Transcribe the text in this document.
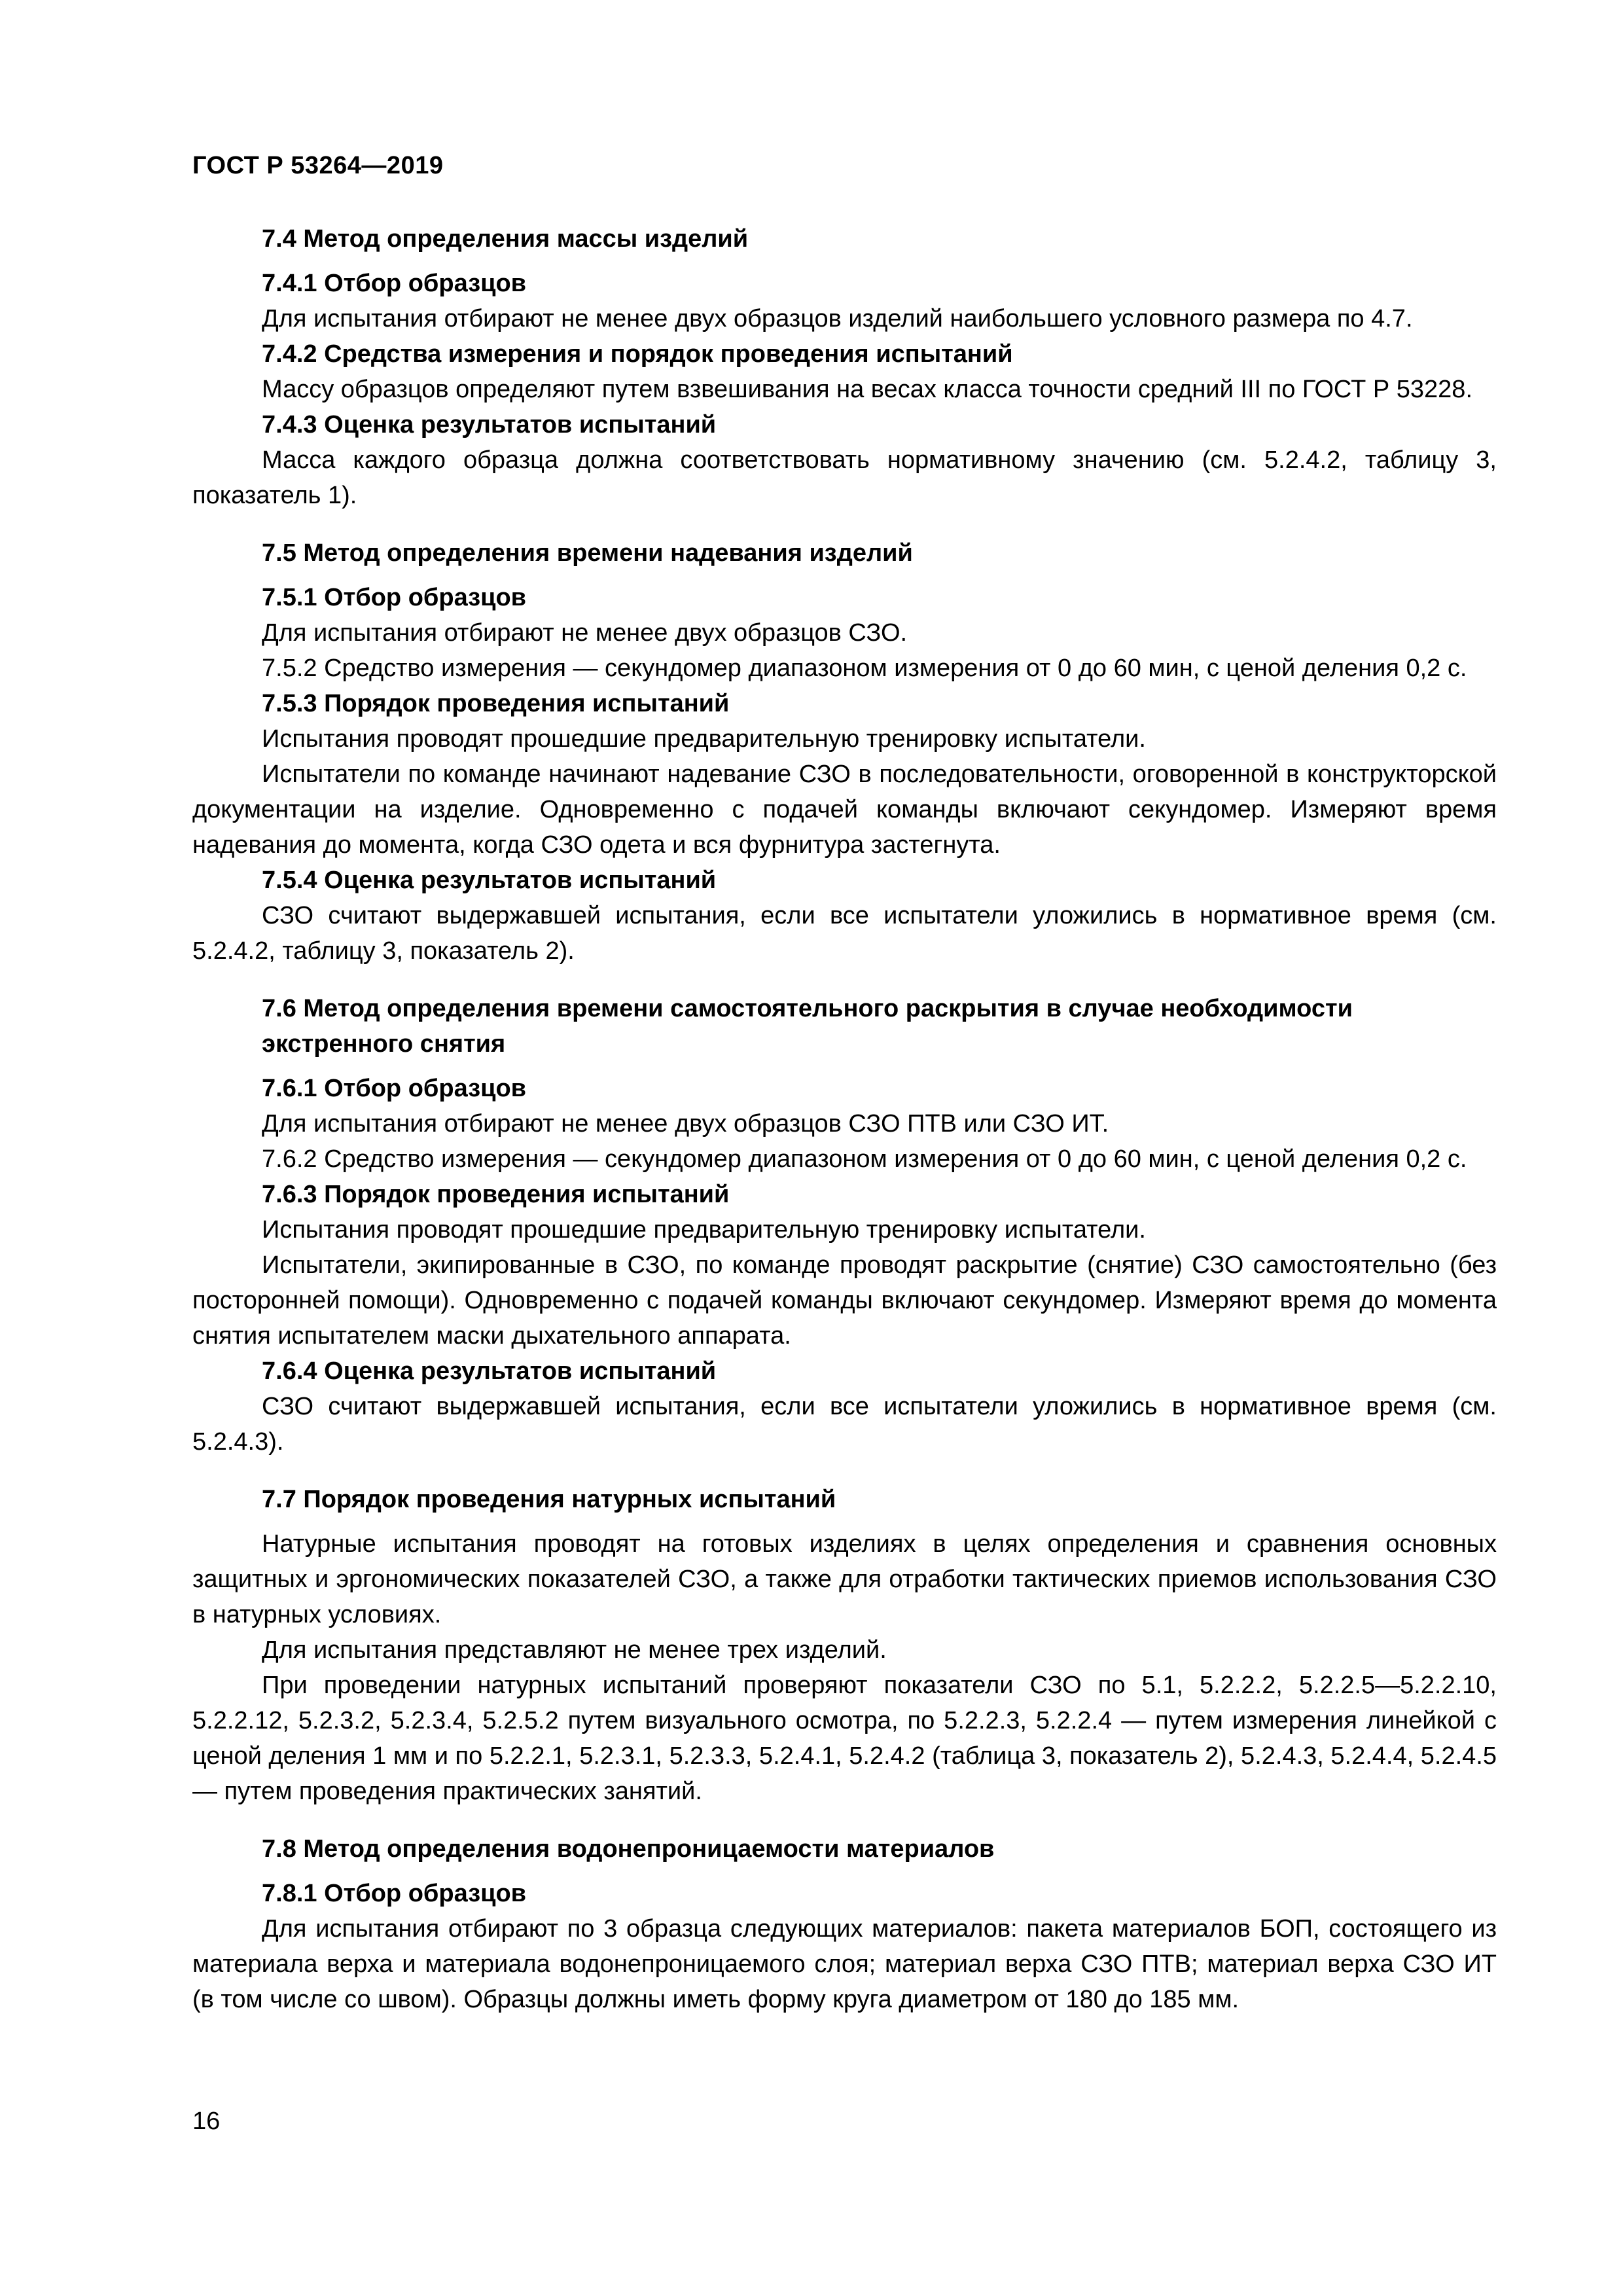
ГОСТ Р 53264—2019

7.4 Метод определения массы изделий

7.4.1 Отбор образцов

Для испытания отбирают не менее двух образцов изделий наибольшего условного размера по 4.7.

7.4.2 Средства измерения и порядок проведения испытаний

Массу образцов определяют путем взвешивания на весах класса точности средний III по ГОСТ Р 53228.

7.4.3 Оценка результатов испытаний

Масса каждого образца должна соответствовать нормативному значению (см. 5.2.4.2, таблицу 3, показатель 1).

7.5 Метод определения времени надевания изделий

7.5.1 Отбор образцов

Для испытания отбирают не менее двух образцов СЗО.

7.5.2 Средство измерения — секундомер диапазоном измерения от 0 до 60 мин, с ценой деления 0,2 с.

7.5.3 Порядок проведения испытаний

Испытания проводят прошедшие предварительную тренировку испытатели.

Испытатели по команде начинают надевание СЗО в последовательности, оговоренной в конструкторской документации на изделие. Одновременно с подачей команды включают секундомер. Измеряют время надевания до момента, когда СЗО одета и вся фурнитура застегнута.

7.5.4 Оценка результатов испытаний

СЗО считают выдержавшей испытания, если все испытатели уложились в нормативное время (см. 5.2.4.2, таблицу 3, показатель 2).

7.6 Метод определения времени самостоятельного раскрытия в случае необходимости экстренного снятия

7.6.1 Отбор образцов

Для испытания отбирают не менее двух образцов СЗО ПТВ или СЗО ИТ.

7.6.2 Средство измерения — секундомер диапазоном измерения от 0 до 60 мин, с ценой деления 0,2 с.

7.6.3 Порядок проведения испытаний

Испытания проводят прошедшие предварительную тренировку испытатели.

Испытатели, экипированные в СЗО, по команде проводят раскрытие (снятие) СЗО самостоятельно (без посторонней помощи). Одновременно с подачей команды включают секундомер. Измеряют время до момента снятия испытателем маски дыхательного аппарата.

7.6.4 Оценка результатов испытаний

СЗО считают выдержавшей испытания, если все испытатели уложились в нормативное время (см. 5.2.4.3).

7.7 Порядок проведения натурных испытаний

Натурные испытания проводят на готовых изделиях в целях определения и сравнения основных защитных и эргономических показателей СЗО, а также для отработки тактических приемов использования СЗО в натурных условиях.

Для испытания представляют не менее трех изделий.

При проведении натурных испытаний проверяют показатели СЗО по 5.1, 5.2.2.2, 5.2.2.5—5.2.2.10, 5.2.2.12, 5.2.3.2, 5.2.3.4, 5.2.5.2 путем визуального осмотра, по 5.2.2.3, 5.2.2.4 — путем измерения линейкой с ценой деления 1 мм и по 5.2.2.1, 5.2.3.1, 5.2.3.3, 5.2.4.1, 5.2.4.2 (таблица 3, показатель 2), 5.2.4.3, 5.2.4.4, 5.2.4.5 — путем проведения практических занятий.

7.8 Метод определения водонепроницаемости материалов

7.8.1 Отбор образцов

Для испытания отбирают по 3 образца следующих материалов: пакета материалов БОП, состоящего из материала верха и материала водонепроницаемого слоя; материал верха СЗО ПТВ; материал верха СЗО ИТ (в том числе со швом). Образцы должны иметь форму круга диаметром от 180 до 185 мм.

16
